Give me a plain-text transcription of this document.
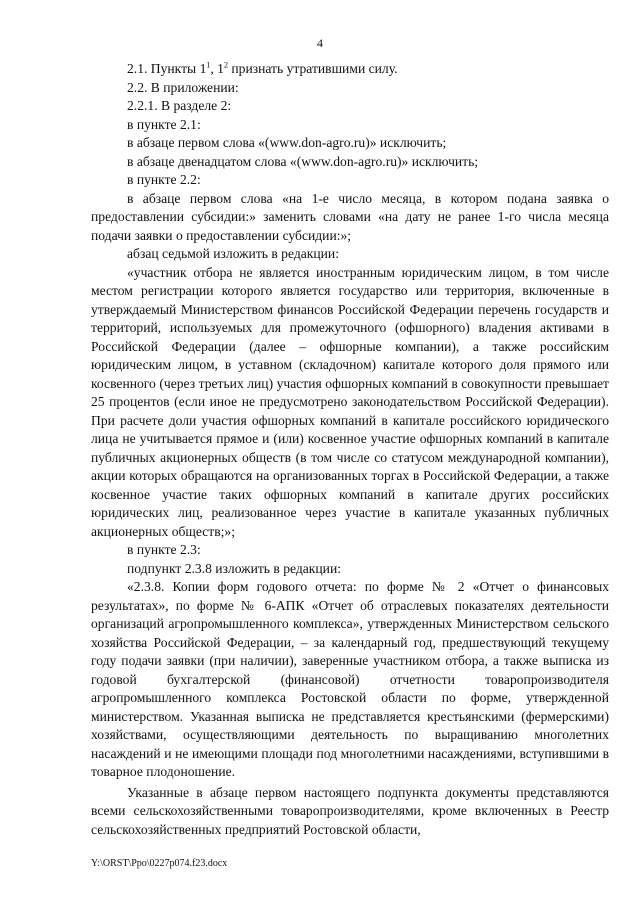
4

2.1. Пункты $1^1$, $1^2$ признать утратившими силу.

2.2. В приложении:

2.2.1. В разделе 2:

в пункте 2.1:

в абзаце первом слова «(www.don-agro.ru)» исключить;

в абзаце двенадцатом слова «(www.don-agro.ru)» исключить;

в пункте 2.2:

в абзаце первом слова «на 1-е число месяца, в котором подана заявка о предоставлении субсидии:» заменить словами «на дату не ранее 1-го числа месяца подачи заявки о предоставлении субсидии:»;

абзац седьмой изложить в редакции:

«участник отбора не является иностранным юридическим лицом, в том числе местом регистрации которого является государство или территория, включенные в утверждаемый Министерством финансов Российской Федерации перечень государств и территорий, используемых для промежуточного (офшорного) владения активами в Российской Федерации (далее – офшорные компании), а также российским юридическим лицом, в уставном (складочном) капитале которого доля прямого или косвенного (через третьих лиц) участия офшорных компаний в совокупности превышает 25 процентов (если иное не предусмотрено законодательством Российской Федерации). При расчете доли участия офшорных компаний в капитале российского юридического лица не учитывается прямое и (или) косвенное участие офшорных компаний в капитале публичных акционерных обществ (в том числе со статусом международной компании), акции которых обращаются на организованных торгах в Российской Федерации, а также косвенное участие таких офшорных компаний в капитале других российских юридических лиц, реализованное через участие в капитале указанных публичных акционерных обществ;»;

в пункте 2.3:

подпункт 2.3.8 изложить в редакции:

«2.3.8. Копии форм годового отчета: по форме № 2 «Отчет о финансовых результатах», по форме № 6-АПК «Отчет об отраслевых показателях деятельности организаций агропромышленного комплекса», утвержденных Министерством сельского хозяйства Российской Федерации, – за календарный год, предшествующий текущему году подачи заявки (при наличии), заверенные участником отбора, а также выписка из годовой бухгалтерской (финансовой) отчетности товаропроизводителя агропромышленного комплекса Ростовской области по форме, утвержденной министерством. Указанная выписка не представляется крестьянскими (фермерскими) хозяйствами, осуществляющими деятельность по выращиванию многолетних насаждений и не имеющими площади под многолетними насаждениями, вступившими в товарное плодоношение.

Указанные в абзаце первом настоящего подпункта документы представляются всеми сельскохозяйственными товаропроизводителями, кроме включенных в Реестр сельскохозяйственных предприятий Ростовской области,

Y:\ORST\Ppo\0227p074.f23.docx
